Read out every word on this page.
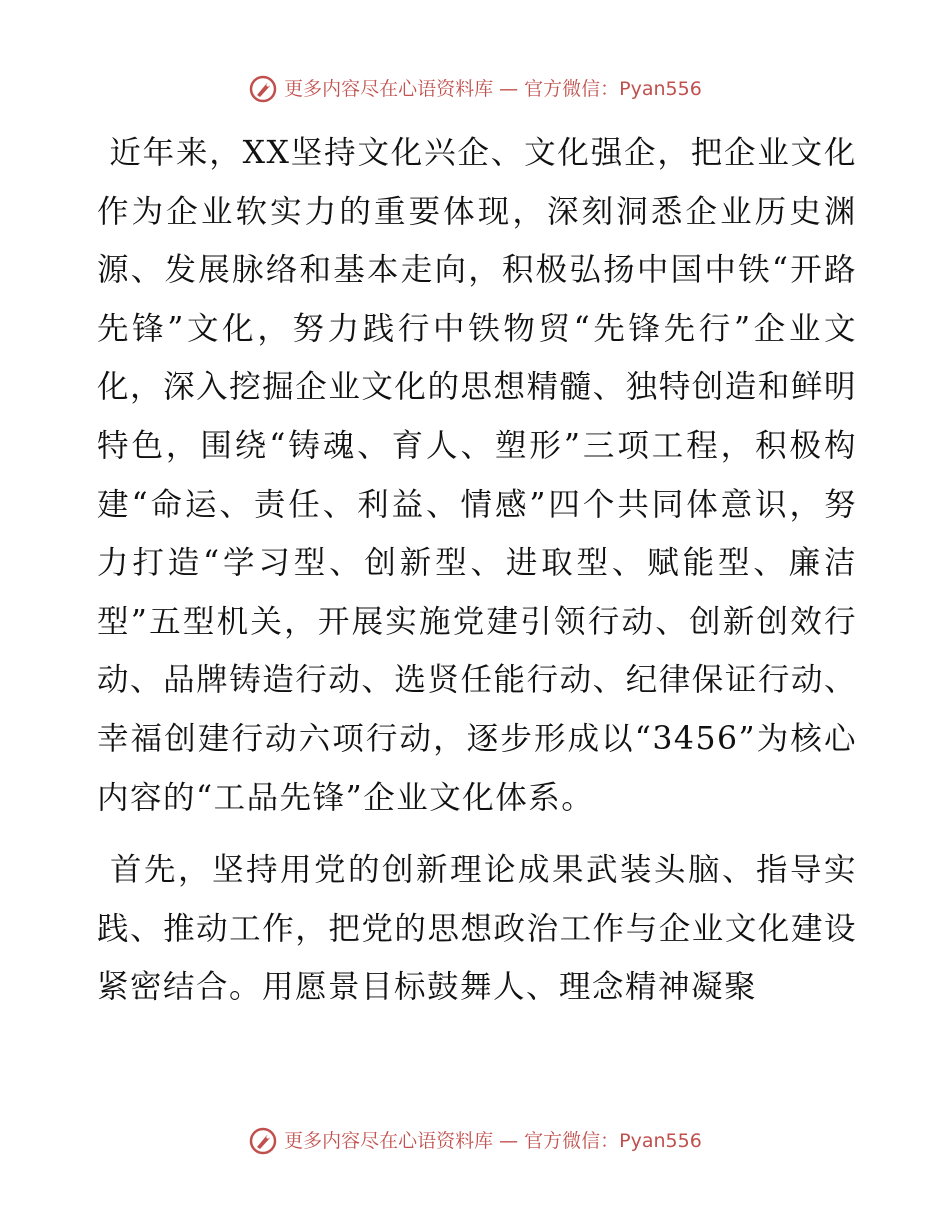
更多内容尽在心语资料库 — 官方微信：Pyan556

近年来，XX坚持文化兴企、文化强企，把企业文化作为企业软实力的重要体现，深刻洞悉企业历史渊源、发展脉络和基本走向，积极弘扬中国中铁“开路先锋”文化，努力践行中铁物贸“先锋先行”企业文化，深入挖掘企业文化的思想精髓、独特创造和鲜明特色，围绕“铸魂、育人、塑形”三项工程，积极构建“命运、责任、利益、情感”四个共同体意识，努力打造“学习型、创新型、进取型、赋能型、廉洁型”五型机关，开展实施党建引领行动、创新创效行动、品牌铸造行动、选贤任能行动、纪律保证行动、幸福创建行动六项行动，逐步形成以“3456”为核心内容的“工品先锋”企业文化体系。

首先，坚持用党的创新理论成果武装头脑、指导实践、推动工作，把党的思想政治工作与企业文化建设紧密结合。用愿景目标鼓舞人、理念精神凝聚

更多内容尽在心语资料库 — 官方微信：Pyan556
